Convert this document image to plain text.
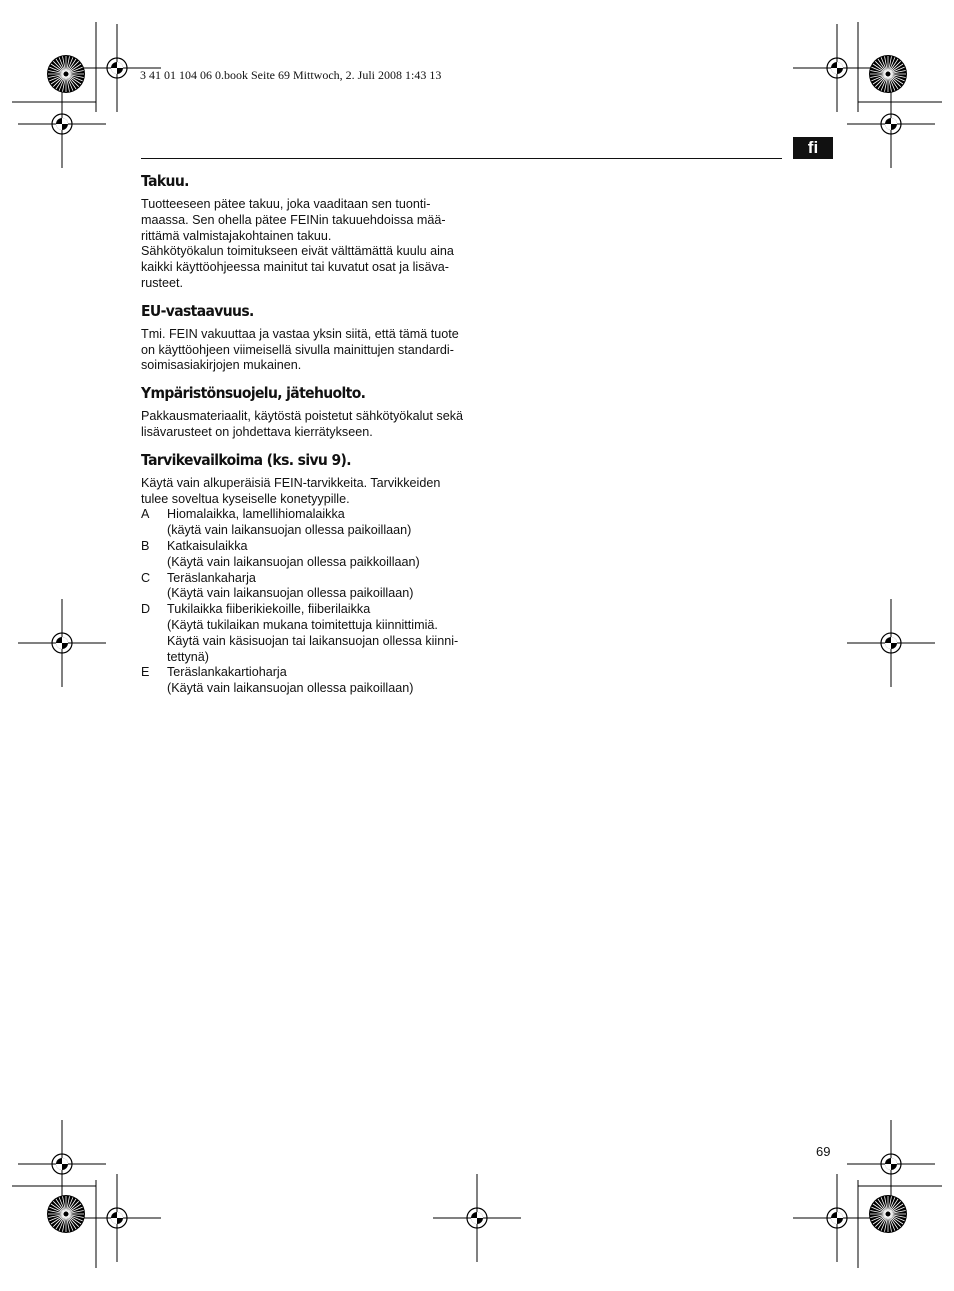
3 41 01 104 06 0.book Seite 69 Mittwoch, 2. Juli 2008 1:43 13
fi
Takuu.

Tuotteeseen pätee takuu, joka vaaditaan sen tuonti-
maassa. Sen ohella pätee FEINin takuuehdoissa mää-
rittämä valmistajakohtainen takuu.

Sähkötyökalun toimitukseen eivät välttämättä kuulu aina
kaikki käyttöohjeessa mainitut tai kuvatut osat ja lisäva-
rusteet.

EU-vastaavuus.

Tmi. FEIN vakuuttaa ja vastaa yksin siitä, että tämä tuote
on käyttöohjeen viimeisellä sivulla mainittujen standardi-
soimisasiakirjojen mukainen.

Ympäristönsuojelu, jätehuolto.

Pakkausmateriaalit, käytöstä poistetut sähkötyökalut sekä
lisävarusteet on johdettava kierrätykseen.

Tarvikevailkoima (ks. sivu 9).

Käytä vain alkuperäisiä FEIN-tarvikkeita. Tarvikkeiden
tulee soveltua kyseiselle konetyypille.

A	Hiomalaikka, lamellihiomalaikka
(käytä vain laikansuojan ollessa paikoillaan)
B	Katkaisulaikka
(Käytä vain laikansuojan ollessa paikkoillaan)
C	Teräslankaharja
(Käytä vain laikansuojan ollessa paikoillaan)
D	Tukilaikka fiiberikiekoille, fiiberilaikka
(Käytä tukilaikan mukana toimitettuja kiinnittimiä.
Käytä vain käsisuojan tai laikansuojan ollessa kiinni-
tettynä)
E	Teräslankakartioharja
(Käytä vain laikansuojan ollessa paikoillaan)
69
